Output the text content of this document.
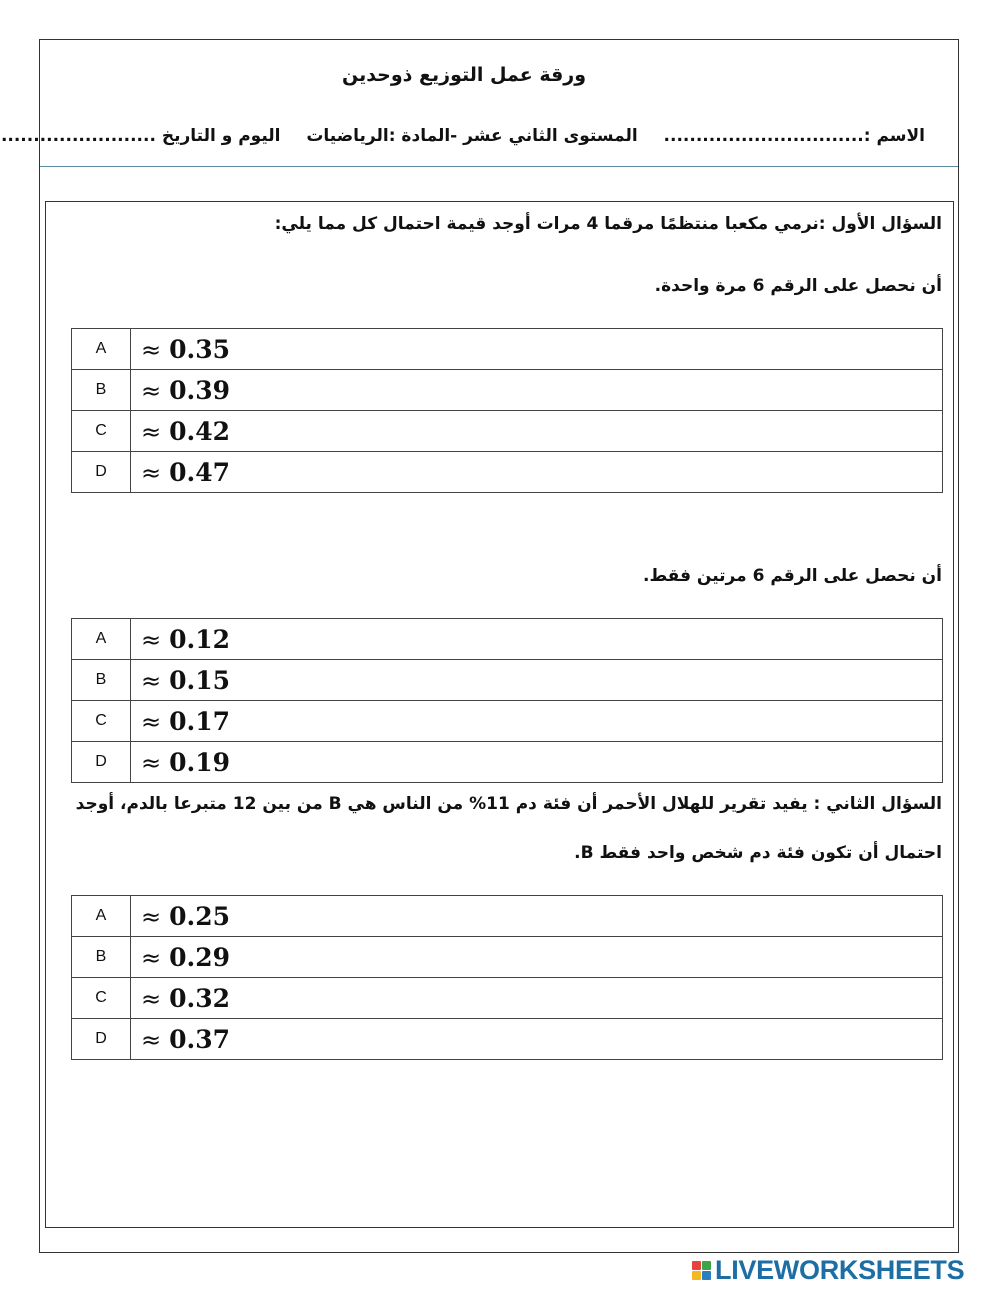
ورقة عمل التوزيع ذوحدين
الاسم :...............................  المستوى الثاني عشر -المادة :الرياضيات  اليوم و التاريخ ........................
السؤال الأول :نرمي مكعبا منتظمًا مرقما 4 مرات أوجد قيمة احتمال كل مما يلي:
أن نحصل على الرقم 6 مرة واحدة.
A	≈ 0.35
B	≈ 0.39
C	≈ 0.42
D	≈ 0.47
أن نحصل على الرقم 6 مرتين فقط.
A	≈ 0.12
B	≈ 0.15
C	≈ 0.17
D	≈ 0.19
السؤال الثاني : يفيد تقرير للهلال الأحمر أن فئة دم 11% من الناس هي B من بين 12 متبرعا بالدم، أوجد
احتمال أن تكون فئة دم شخص واحد فقط B.
A	≈ 0.25
B	≈ 0.29
C	≈ 0.32
D	≈ 0.37
LIVEWORKSHEETS
